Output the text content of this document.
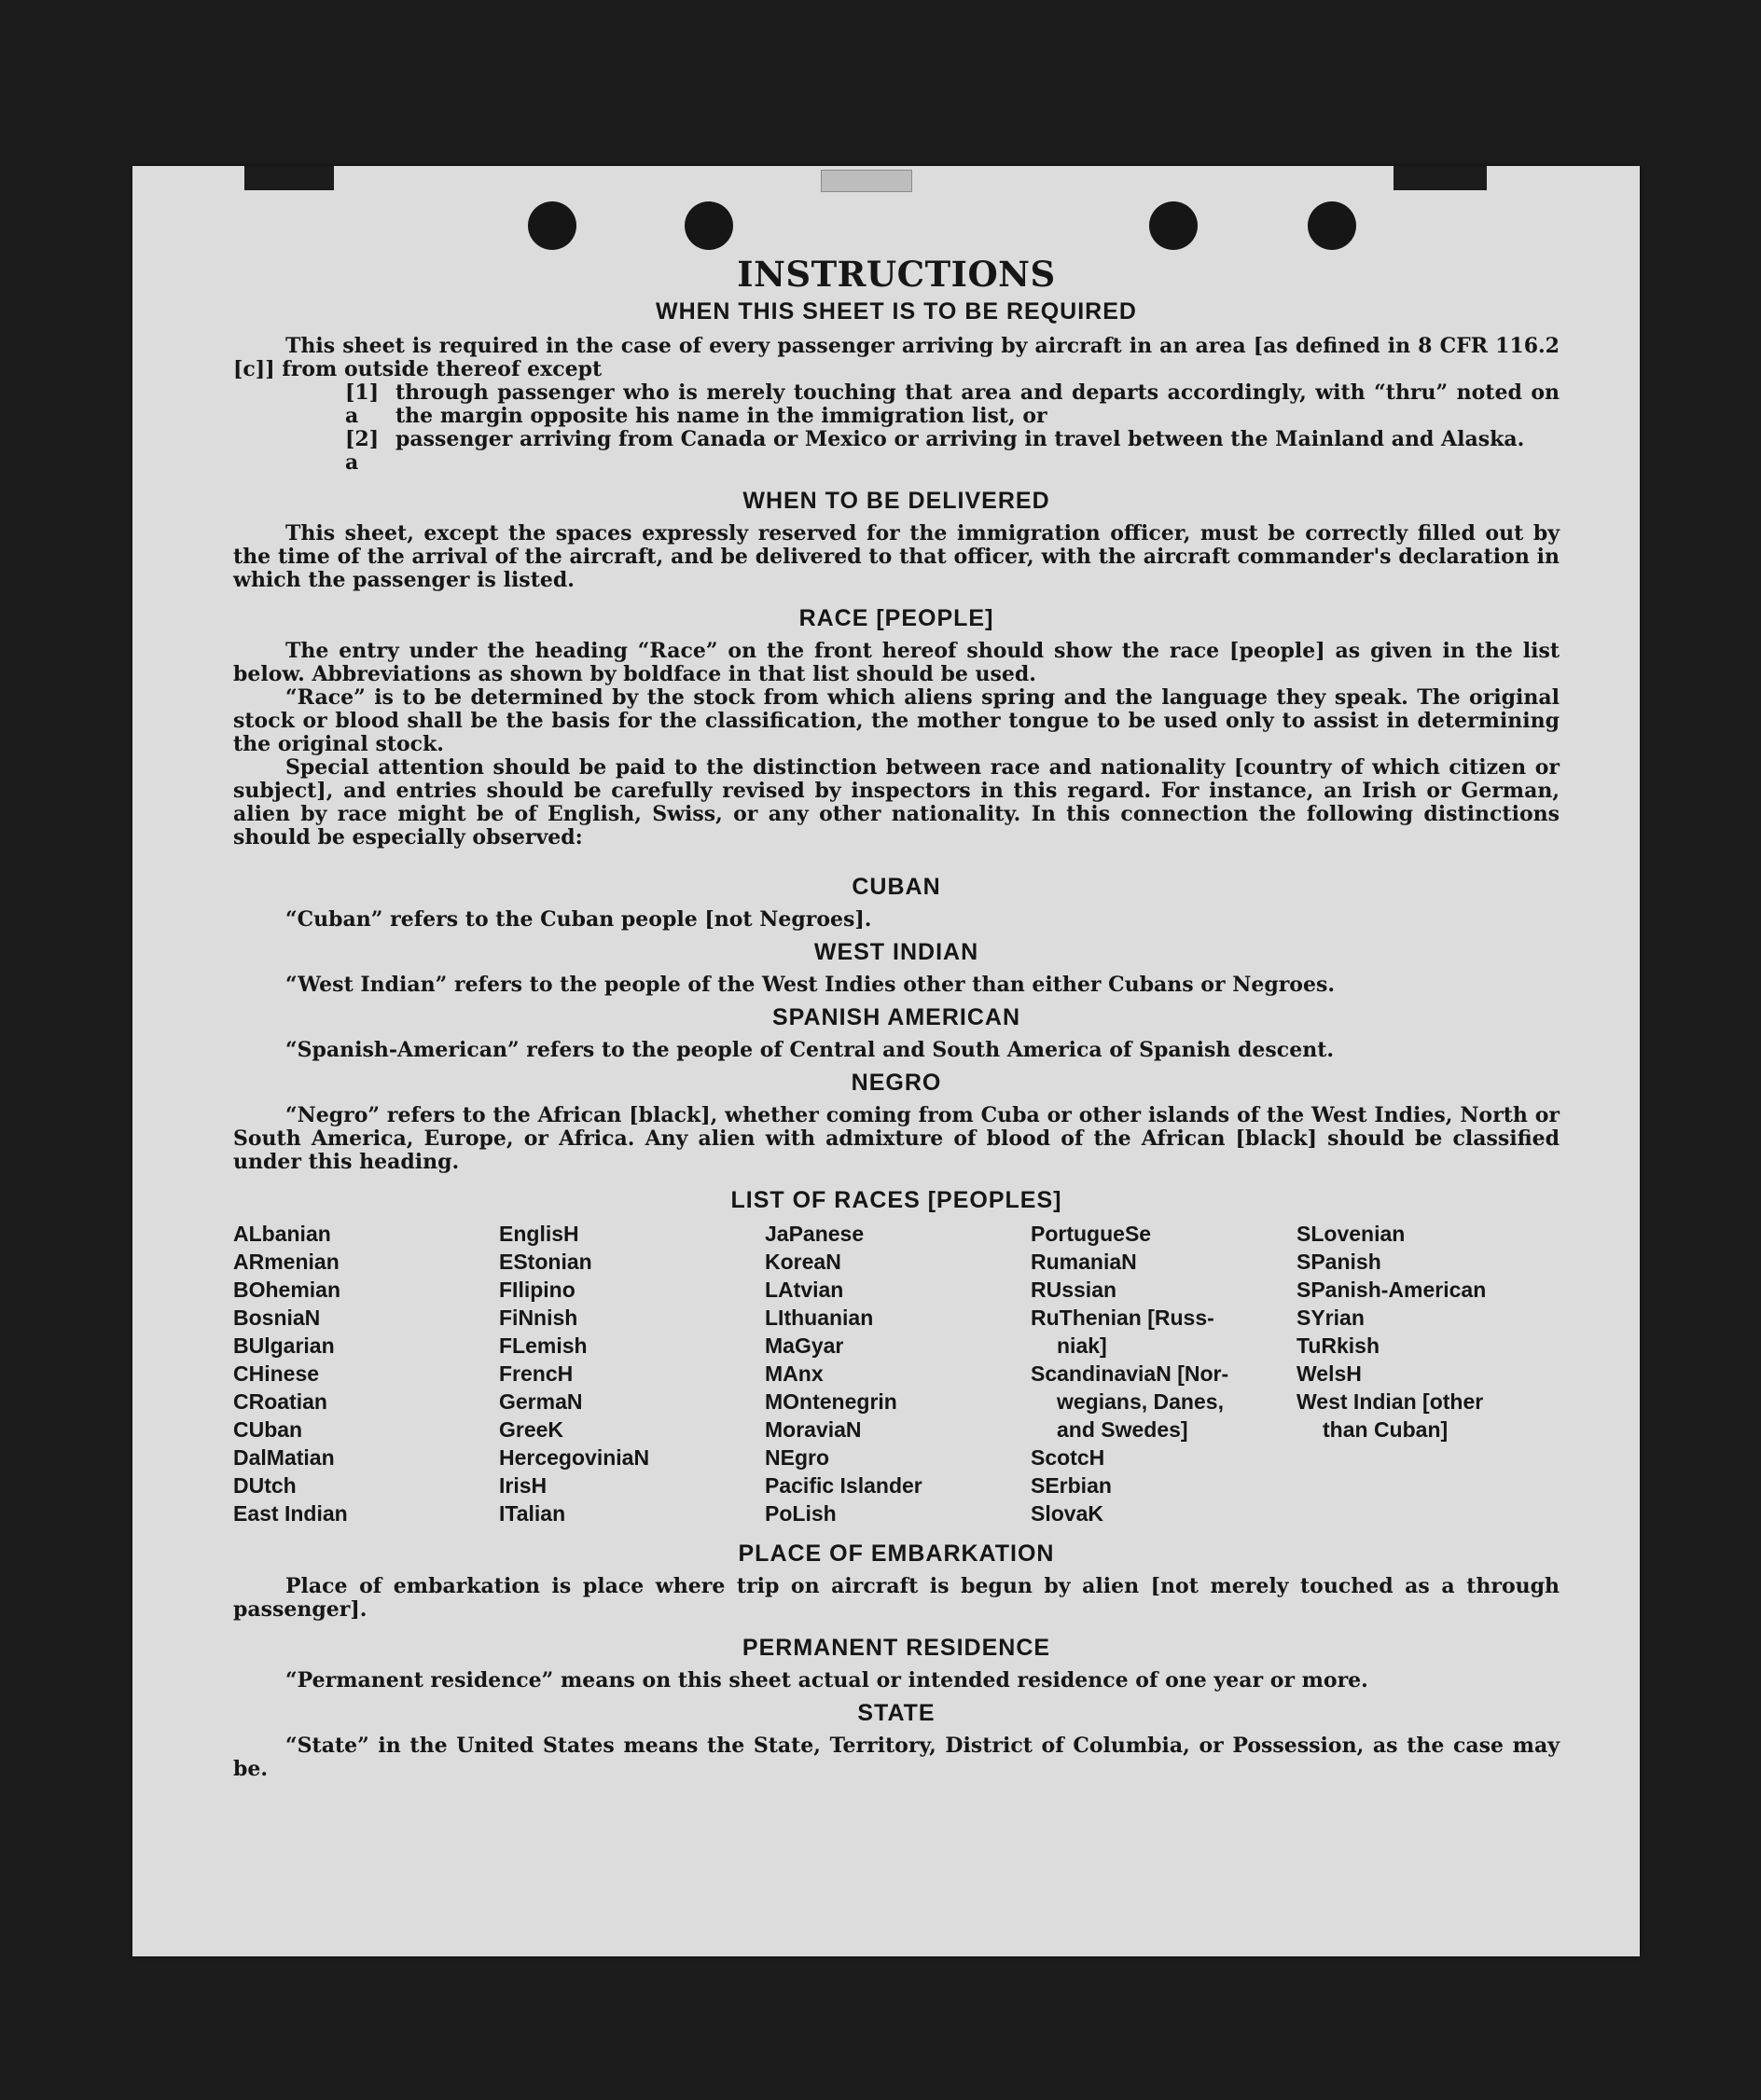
INSTRUCTIONS

WHEN THIS SHEET IS TO BE REQUIRED

This sheet is required in the case of every passenger arriving by aircraft in an area [as defined in 8 CFR 116.2 [c]] from outside thereof except

[1] a
through passenger who is merely touching that area and departs accordingly, with “thru” noted on the margin opposite his name in the immigration list, or
[2] a
passenger arriving from Canada or Mexico or arriving in travel between the Mainland and Alaska.

WHEN TO BE DELIVERED

This sheet, except the spaces expressly reserved for the immigration officer, must be correctly filled out by the time of the arrival of the aircraft, and be delivered to that officer, with the aircraft commander's declaration in which the passenger is listed.

RACE [PEOPLE]

The entry under the heading “Race” on the front hereof should show the race [people] as given in the list below. Abbreviations as shown by boldface in that list should be used.

“Race” is to be determined by the stock from which aliens spring and the language they speak. The original stock or blood shall be the basis for the classification, the mother tongue to be used only to assist in determining the original stock.

Special attention should be paid to the distinction between race and nationality [country of which citizen or subject], and entries should be carefully revised by inspectors in this regard. For instance, an Irish or German, alien by race might be of English, Swiss, or any other nationality. In this connection the following distinctions should be especially observed:

CUBAN

“Cuban” refers to the Cuban people [not Negroes].

WEST INDIAN

“West Indian” refers to the people of the West Indies other than either Cubans or Negroes.

SPANISH AMERICAN

“Spanish-American” refers to the people of Central and South America of Spanish descent.

NEGRO

“Negro” refers to the African [black], whether coming from Cuba or other islands of the West Indies, North or South America, Europe, or Africa. Any alien with admixture of blood of the African [black] should be classified under this heading.

LIST OF RACES [PEOPLES]

ALbanian
ARmenian
BOhemian
BosniaN
BUlgarian
CHinese
CRoatian
CUban
DalMatian
DUtch
East Indian
EnglisH
EStonian
FIlipino
FiNnish
FLemish
FrencH
GermaN
GreeK
HercegoviniaN
IrisH
ITalian
JaPanese
KoreaN
LAtvian
LIthuanian
MaGyar
MAnx
MOntenegrin
MoraviaN
NEgro
Pacific Islander
PoLish
PortugueSe
RumaniaN
RUssian
RuThenian [Russ-
niak]
ScandinaviaN [Nor-
wegians, Danes,
and Swedes]
ScotcH
SErbian
SlovaK
SLovenian
SPanish
SPanish-American
SYrian
TuRkish
WelsH
West Indian [other
than Cuban]

PLACE OF EMBARKATION

Place of embarkation is place where trip on aircraft is begun by alien [not merely touched as a through passenger].

PERMANENT RESIDENCE

“Permanent residence” means on this sheet actual or intended residence of one year or more.

STATE

“State” in the United States means the State, Territory, District of Columbia, or Possession, as the case may be.
